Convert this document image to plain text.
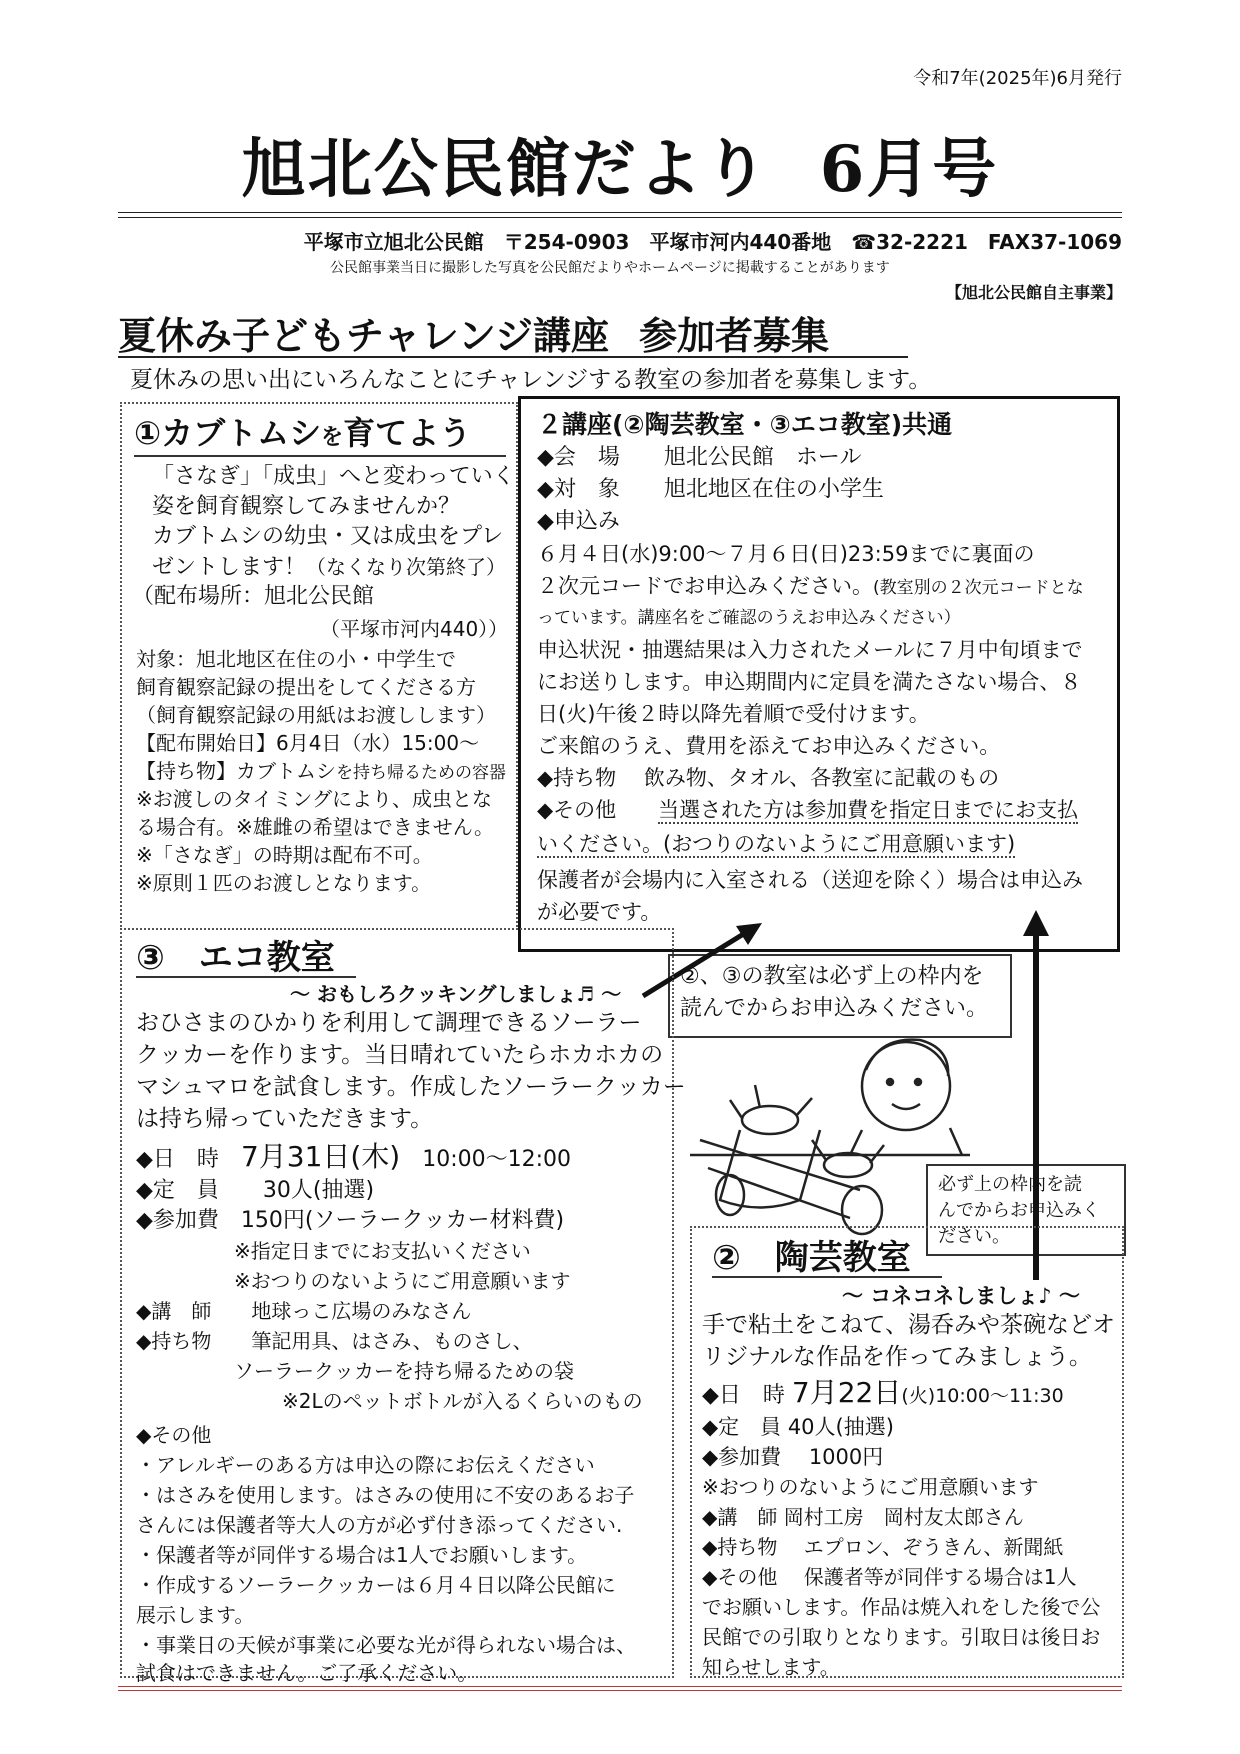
令和7年(2025年)6月発行
旭北公民館だより 6月号
平塚市立旭北公民館　〒254-0903　平塚市河内440番地　☎32-2221　FAX37-1069
公民館事業当日に撮影した写真を公民館だよりやホームページに掲載することがあります
【旭北公民館自主事業】
夏休み子どもチャレンジ講座 参加者募集
夏休みの思い出にいろんなことにチャレンジする教室の参加者を募集します。
①カブトムシを育てよう
「さなぎ」「成虫」へと変わっていく
姿を飼育観察してみませんか？
カブトムシの幼虫・又は成虫をプレ
ゼントします！（なくなり次第終了）
（配布場所：旭北公民館
（平塚市河内440））
対象：旭北地区在住の小・中学生で
飼育観察記録の提出をしてくださる方
（飼育観察記録の用紙はお渡しします）
【配布開始日】6月4日（水）15:00～
【持ち物】カブトムシを持ち帰るための容器
※お渡しのタイミングにより、成虫とな
る場合有。※雄雌の希望はできません。
※「さなぎ」の時期は配布不可。
※原則１匹のお渡しとなります。
２講座(②陶芸教室・③エコ教室)共通
◆会　場　　旭北公民館　ホール
◆対　象　　旭北地区在住の小学生
◆申込み
６月４日(水)9:00～７月６日(日)23:59までに裏面の
２次元コードでお申込みください。(教室別の２次元コードとな
っています。講座名をご確認のうえお申込みください）
申込状況・抽選結果は入力されたメールに７月中旬頃まで
にお送りします。申込期間内に定員を満たさない場合、８
日(火)午後２時以降先着順で受付けます。
ご来館のうえ、費用を添えてお申込みください。
◆持ち物　 飲み物、タオル、各教室に記載のもの
◆その他　　 当選された方は参加費を指定日までにお支払
いください。(おつりのないようにご用意願います)
保護者が会場内に入室される（送迎を除く）場合は申込み
が必要です。
②、③の教室は必ず上の枠内を
読んでからお申込みください。
必ず上の枠内を読
んでからお申込みく
ださい。
③　エコ教室
～ おもしろクッキングしましょ♬ ～
おひさまのひかりを利用して調理できるソーラー
クッカーを作ります。当日晴れていたらホカホカの
マシュマロを試食します。作成したソーラークッカー
は持ち帰っていただきます。
◆日　時　 7月31日(木)　 10:00～12:00
◆定　員　　30人(抽選)
◆参加費　150円(ソーラークッカー材料費)
※指定日までにお支払いください
※おつりのないようにご用意願います
◆講　師　　地球っこ広場のみなさん
◆持ち物　　筆記用具、はさみ、ものさし、
ソーラークッカーを持ち帰るための袋
※2Lのペットボトルが入るくらいのもの
◆その他
・アレルギーのある方は申込の際にお伝えください
・はさみを使用します。はさみの使用に不安のあるお子
さんには保護者等大人の方が必ず付き添ってください.
・保護者等が同伴する場合は1人でお願いします。
・作成するソーラークッカーは６月４日以降公民館に
展示します。
・事業日の天候が事業に必要な光が得られない場合は、
試食はできません。ご了承ください。
②　陶芸教室
～ コネコネしましょ♪ ～
手で粘土をこねて、湯呑みや茶碗などオ
リジナルな作品を作ってみましょう。
◆日　時 7月22日(火)10:00～11:30
◆定　員 40人(抽選)
◆参加費　 1000円
※おつりのないようにご用意願います
◆講　師 岡村工房　岡村友太郎さん
◆持ち物　 エプロン、ぞうきん、新聞紙
◆その他　 保護者等が同伴する場合は1人
でお願いします。作品は焼入れをした後で公
民館での引取りとなります。引取日は後日お
知らせします。
